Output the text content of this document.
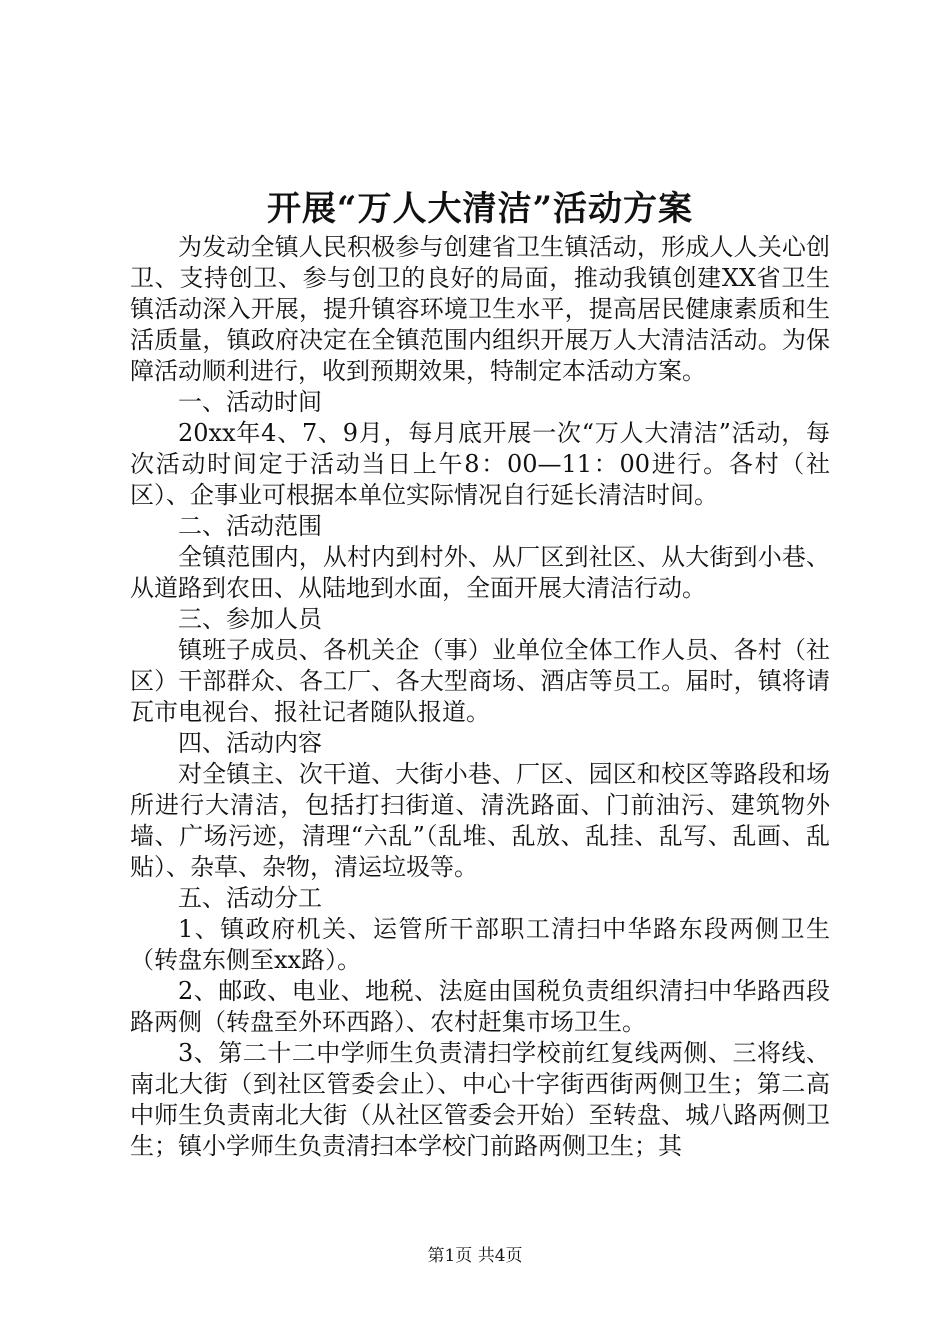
开展“万人大清洁”活动方案

为发动全镇人民积极参与创建省卫生镇活动，形成人人关心创卫、支持创卫、参与创卫的良好的局面，推动我镇创建XX省卫生镇活动深入开展，提升镇容环境卫生水平，提高居民健康素质和生活质量，镇政府决定在全镇范围内组织开展万人大清洁活动。为保障活动顺利进行，收到预期效果，特制定本活动方案。

一、活动时间

20xx年4、7、9月，每月底开展一次“万人大清洁”活动，每次活动时间定于活动当日上午8：00—11：00进行。各村（社区）、企事业可根据本单位实际情况自行延长清洁时间。

二、活动范围

全镇范围内，从村内到村外、从厂区到社区、从大街到小巷、从道路到农田、从陆地到水面，全面开展大清洁行动。

三、参加人员

镇班子成员、各机关企（事）业单位全体工作人员、各村（社区）干部群众、各工厂、各大型商场、酒店等员工。届时，镇将请瓦市电视台、报社记者随队报道。

四、活动内容

对全镇主、次干道、大街小巷、厂区、园区和校区等路段和场所进行大清洁，包括打扫街道、清洗路面、门前油污、建筑物外墙、广场污迹，清理“六乱”（乱堆、乱放、乱挂、乱写、乱画、乱贴）、杂草、杂物，清运垃圾等。

五、活动分工

1、镇政府机关、运管所干部职工清扫中华路东段两侧卫生（转盘东侧至xx路）。

2、邮政、电业、地税、法庭由国税负责组织清扫中华路西段路两侧（转盘至外环西路）、农村赶集市场卫生。

3、第二十二中学师生负责清扫学校前红复线两侧、三将线、南北大街（到社区管委会止）、中心十字街西街两侧卫生；第二高中师生负责南北大街（从社区管委会开始）至转盘、城八路两侧卫生；镇小学师生负责清扫本学校门前路两侧卫生；其

第1页 共4页
